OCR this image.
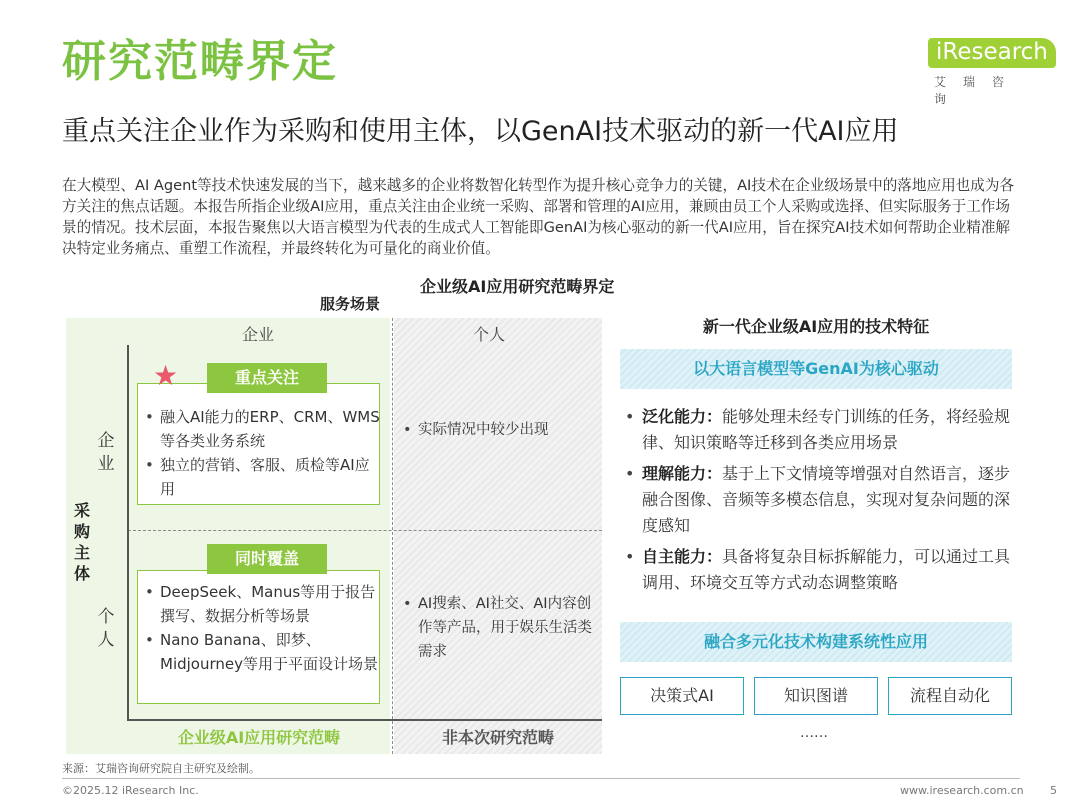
研究范畴界定
重点关注企业作为采购和使用主体，以GenAI技术驱动的新一代AI应用
iResearch
艾瑞咨询
在大模型、AI Agent等技术快速发展的当下，越来越多的企业将数智化转型作为提升核心竞争力的关键，AI技术在企业级场景中的落地应用也成为各方关注的焦点话题。本报告所指企业级AI应用，重点关注由企业统一采购、部署和管理的AI应用，兼顾由员工个人采购或选择、但实际服务于工作场景的情况。技术层面，本报告聚焦以大语言模型为代表的生成式人工智能即GenAI为核心驱动的新一代AI应用，旨在探究AI技术如何帮助企业精准解决特定业务痛点、重塑工作流程，并最终转化为可量化的商业价值。
企业级AI应用研究范畴界定
服务场景
企业	个人
企业
个人
采购主体
重点关注
同时覆盖
★
• 融入AI能力的ERP、CRM、WMS等各类业务系统
• 独立的营销、客服、质检等AI应用
• DeepSeek、Manus等用于报告撰写、数据分析等场景
• Nano Banana、即梦、Midjourney等用于平面设计场景
• 实际情况中较少出现
• AI搜索、AI社交、AI内容创作等产品，用于娱乐生活类需求
企业级AI应用研究范畴	非本次研究范畴
新一代企业级AI应用的技术特征
以大语言模型等GenAI为核心驱动
• 泛化能力：能够处理未经专门训练的任务，将经验规律、知识策略等迁移到各类应用场景
• 理解能力：基于上下文情境等增强对自然语言，逐步融合图像、音频等多模态信息，实现对复杂问题的深度感知
• 自主能力：具备将复杂目标拆解能力，可以通过工具调用、环境交互等方式动态调整策略
融合多元化技术构建系统性应用
决策式AI	知识图谱	流程自动化
……
来源：艾瑞咨询研究院自主研究及绘制。
©2025.12 iResearch Inc.	www.iresearch.com.cn 5
